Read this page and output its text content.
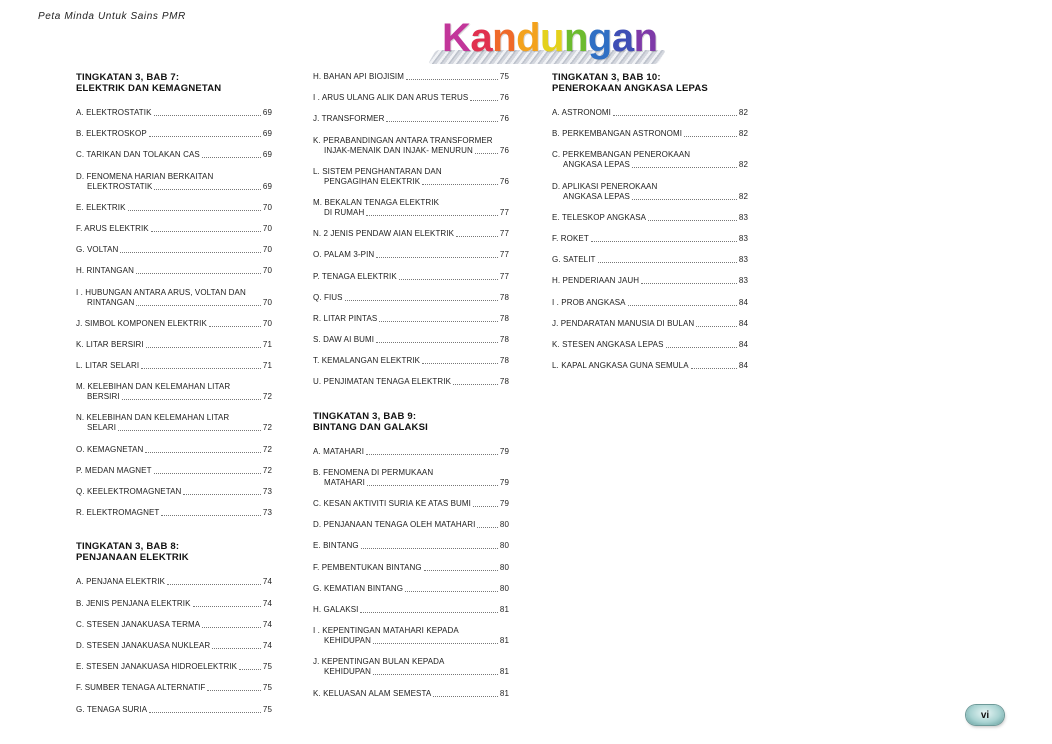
Peta Minda Untuk Sains PMR	Kandungan
TINGKATAN 3, BAB 7:
ELEKTRIK DAN KEMAGNETAN
A. ELEKTROSTATIK	69
B. ELEKTROSKOP	69
C. TARIKAN DAN TOLAKAN CAS	69
D. FENOMENA HARIAN BERKAITAN
ELEKTROSTATIK	69
E. ELEKTRIK	70
F. ARUS ELEKTRIK	70
G. VOLTAN	70
H. RINTANGAN	70
I . HUBUNGAN ANTARA ARUS, VOLTAN DAN
RINTANGAN	70
J. SIMBOL KOMPONEN ELEKTRIK	70
K. LITAR BERSIRI	71
L. LITAR SELARI	71
M. KELEBIHAN DAN KELEMAHAN LITAR
BERSIRI	72
N. KELEBIHAN DAN KELEMAHAN LITAR
SELARI	72
O. KEMAGNETAN	72
P. MEDAN MAGNET	72
Q. KEELEKTROMAGNETAN	73
R. ELEKTROMAGNET	73
TINGKATAN 3, BAB 8:
PENJANAAN ELEKTRIK
A. PENJANA ELEKTRIK	74
B. JENIS PENJANA ELEKTRIK	74
C. STESEN JANAKUASA TERMA	74
D. STESEN JANAKUASA NUKLEAR	74
E. STESEN JANAKUASA HIDROELEKTRIK	75
F. SUMBER TENAGA ALTERNATIF	75
G. TENAGA SURIA	75
H. BAHAN API BIOJISIM	75
I . ARUS ULANG ALIK DAN ARUS TERUS	76
J. TRANSFORMER	76
K. PERABANDINGAN ANTARA TRANSFORMER
INJAK-MENAIK DAN INJAK- MENURUN	76
L. SISTEM PENGHANTARAN DAN
PENGAGIHAN ELEKTRIK	76
M. BEKALAN TENAGA ELEKTRIK
DI RUMAH	77
N. 2 JENIS PENDAW AIAN ELEKTRIK	77
O. PALAM 3-PIN	77
P. TENAGA ELEKTRIK	77
Q. FIUS	78
R. LITAR PINTAS	78
S. DAW AI BUMI	78
T. KEMALANGAN ELEKTRIK	78
U. PENJIMATAN TENAGA ELEKTRIK	78
TINGKATAN 3, BAB 9:
BINTANG DAN GALAKSI
A. MATAHARI	79
B. FENOMENA DI PERMUKAAN
MATAHARI	79
C. KESAN AKTIVITI SURIA KE ATAS BUMI	79
D. PENJANAAN TENAGA OLEH MATAHARI	80
E. BINTANG	80
F. PEMBENTUKAN BINTANG	80
G. KEMATIAN BINTANG	80
H. GALAKSI	81
I . KEPENTINGAN MATAHARI KEPADA
KEHIDUPAN	81
J. KEPENTINGAN BULAN KEPADA
KEHIDUPAN	81
K. KELUASAN ALAM SEMESTA	81
TINGKATAN 3, BAB 10:
PENEROKAAN ANGKASA LEPAS
A. ASTRONOMI	82
B. PERKEMBANGAN ASTRONOMI	82
C. PERKEMBANGAN PENEROKAAN
ANGKASA LEPAS	82
D. APLIKASI PENEROKAAN
ANGKASA LEPAS	82
E. TELESKOP ANGKASA	83
F. ROKET	83
G. SATELIT	83
H. PENDERIAAN JAUH	83
I . PROB ANGKASA	84
J. PENDARATAN MANUSIA DI BULAN	84
K. STESEN ANGKASA LEPAS	84
L. KAPAL ANGKASA GUNA SEMULA	84
vi
